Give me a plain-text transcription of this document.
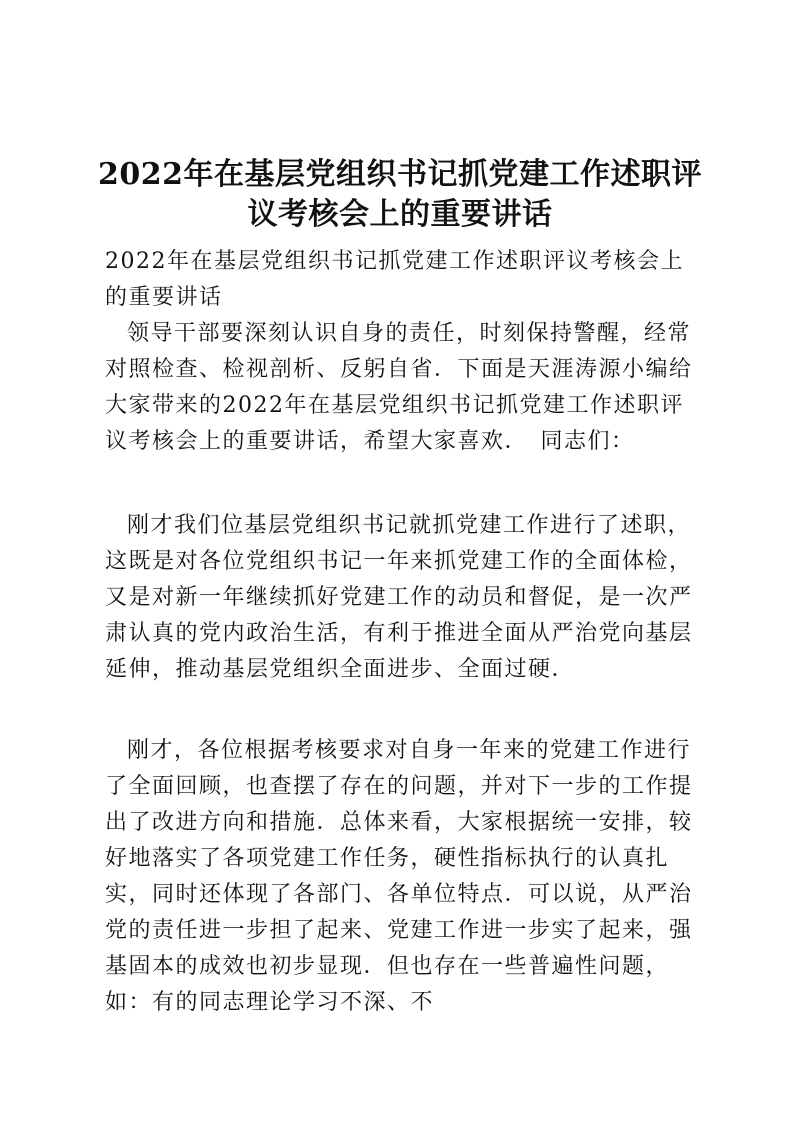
2022年在基层党组织书记抓党建工作述职评议考核会上的重要讲话
2022年在基层党组织书记抓党建工作述职评议考核会上的重要讲话
领导干部要深刻认识自身的责任，时刻保持警醒，经常对照检查、检视剖析、反躬自省．下面是天涯涛源小编给大家带来的2022年在基层党组织书记抓党建工作述职评议考核会上的重要讲话，希望大家喜欢．　同志们：
刚才我们位基层党组织书记就抓党建工作进行了述职，这既是对各位党组织书记一年来抓党建工作的全面体检，又是对新一年继续抓好党建工作的动员和督促，是一次严肃认真的党内政治生活，有利于推进全面从严治党向基层延伸，推动基层党组织全面进步、全面过硬．
刚才，各位根据考核要求对自身一年来的党建工作进行了全面回顾，也查摆了存在的问题，并对下一步的工作提出了改进方向和措施．总体来看，大家根据统一安排，较好地落实了各项党建工作任务，硬性指标执行的认真扎实，同时还体现了各部门、各单位特点．可以说，从严治党的责任进一步担了起来、党建工作进一步实了起来，强基固本的成效也初步显现．但也存在一些普遍性问题，如：有的同志理论学习不深、不
